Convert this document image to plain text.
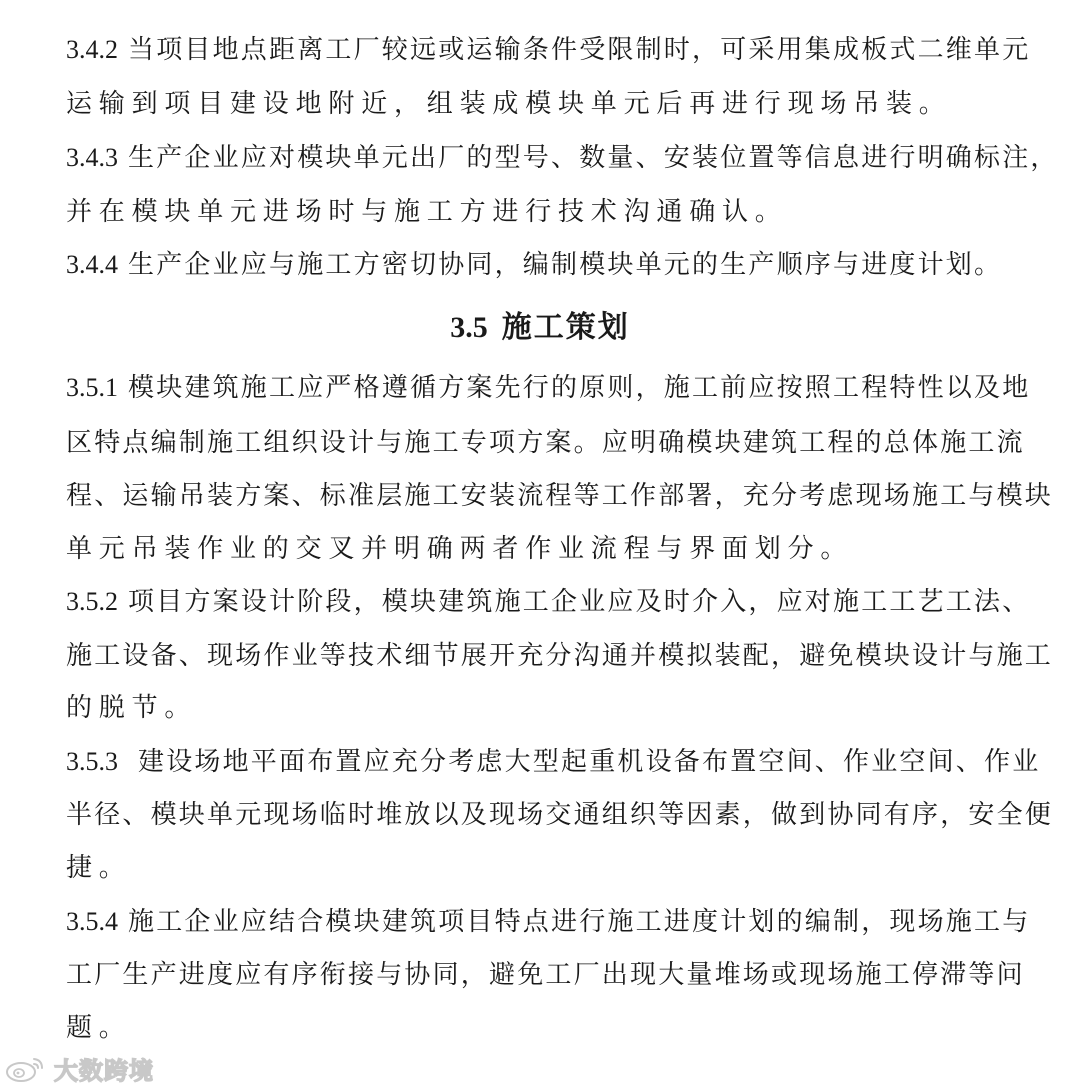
3.4.2 当项目地点距离工厂较远或运输条件受限制时，可采用集成板式二维单元
运输到项目建设地附近，组装成模块单元后再进行现场吊装。
3.4.3 生产企业应对模块单元出厂的型号、数量、安装位置等信息进行明确标注，
并在模块单元进场时与施工方进行技术沟通确认。
3.4.4 生产企业应与施工方密切协同，编制模块单元的生产顺序与进度计划。
3.5 施工策划
3.5.1 模块建筑施工应严格遵循方案先行的原则，施工前应按照工程特性以及地
区特点编制施工组织设计与施工专项方案。应明确模块建筑工程的总体施工流
程、运输吊装方案、标准层施工安装流程等工作部署，充分考虑现场施工与模块
单元吊装作业的交叉并明确两者作业流程与界面划分。
3.5.2 项目方案设计阶段，模块建筑施工企业应及时介入，应对施工工艺工法、
施工设备、现场作业等技术细节展开充分沟通并模拟装配，避免模块设计与施工
的脱节。
3.5.3 建设场地平面布置应充分考虑大型起重机设备布置空间、作业空间、作业
半径、模块单元现场临时堆放以及现场交通组织等因素，做到协同有序，安全便
捷。
3.5.4 施工企业应结合模块建筑项目特点进行施工进度计划的编制，现场施工与
工厂生产进度应有序衔接与协同，避免工厂出现大量堆场或现场施工停滞等问
题。
大数跨境
